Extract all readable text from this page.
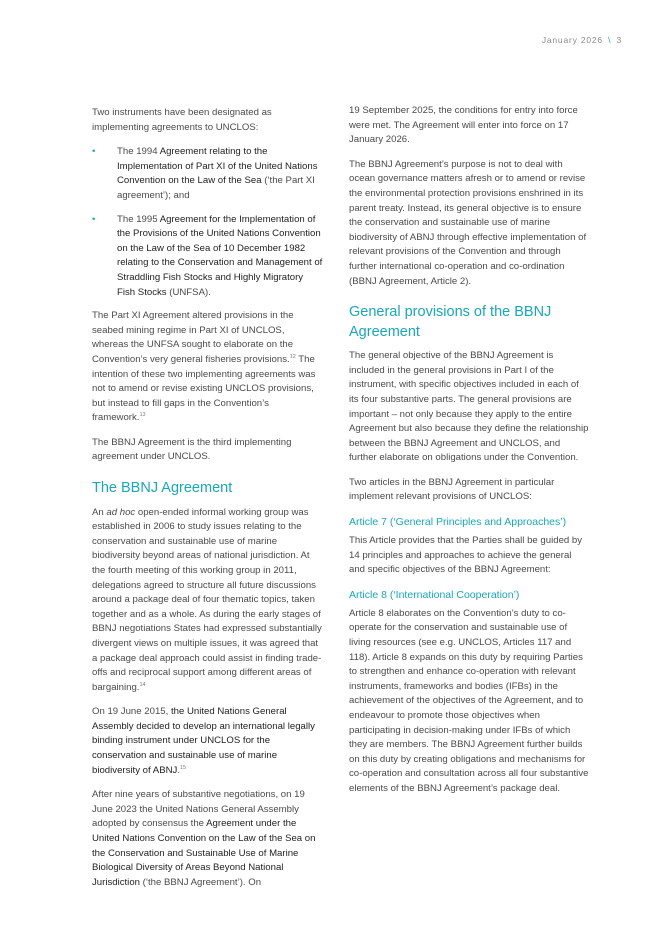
January 2026 \ 3

Two instruments have been designated as implementing agreements to UNCLOS:

• The 1994 Agreement relating to the Implementation of Part XI of the United Nations Convention on the Law of the Sea (‘the Part XI agreement’); and
• The 1995 Agreement for the Implementation of the Provisions of the United Nations Convention on the Law of the Sea of 10 December 1982 relating to the Conservation and Management of Straddling Fish Stocks and Highly Migratory Fish Stocks (UNFSA).

The Part XI Agreement altered provisions in the seabed mining regime in Part XI of UNCLOS, whereas the UNFSA sought to elaborate on the Convention’s very general fisheries provisions.$^{12}$ The intention of these two implementing agreements was not to amend or revise existing UNCLOS provisions, but instead to fill gaps in the Convention’s framework.$^{13}$

The BBNJ Agreement is the third implementing agreement under UNCLOS.

The BBNJ Agreement

An ad hoc open-ended informal working group was established in 2006 to study issues relating to the conservation and sustainable use of marine biodiversity beyond areas of national jurisdiction. At the fourth meeting of this working group in 2011, delegations agreed to structure all future discussions around a package deal of four thematic topics, taken together and as a whole. As during the early stages of BBNJ negotiations States had expressed substantially divergent views on multiple issues, it was agreed that a package deal approach could assist in finding trade-offs and reciprocal support among different areas of bargaining.$^{14}$

On 19 June 2015, the United Nations General Assembly decided to develop an international legally binding instrument under UNCLOS for the conservation and sustainable use of marine biodiversity of ABNJ.$^{15}$

After nine years of substantive negotiations, on 19 June 2023 the United Nations General Assembly adopted by consensus the Agreement under the United Nations Convention on the Law of the Sea on the Conservation and Sustainable Use of Marine Biological Diversity of Areas Beyond National Jurisdiction (‘the BBNJ Agreement’). On

19 September 2025, the conditions for entry into force were met. The Agreement will enter into force on 17 January 2026.

The BBNJ Agreement’s purpose is not to deal with ocean governance matters afresh or to amend or revise the environmental protection provisions enshrined in its parent treaty. Instead, its general objective is to ensure the conservation and sustainable use of marine biodiversity of ABNJ through effective implementation of relevant provisions of the Convention and through further international co-operation and co-ordination (BBNJ Agreement, Article 2).

General provisions of the BBNJ Agreement

The general objective of the BBNJ Agreement is included in the general provisions in Part I of the instrument, with specific objectives included in each of its four substantive parts. The general provisions are important – not only because they apply to the entire Agreement but also because they define the relationship between the BBNJ Agreement and UNCLOS, and further elaborate on obligations under the Convention.

Two articles in the BBNJ Agreement in particular implement relevant provisions of UNCLOS:

Article 7 (‘General Principles and Approaches’)

This Article provides that the Parties shall be guided by 14 principles and approaches to achieve the general and specific objectives of the BBNJ Agreement:

Article 8 (‘International Cooperation’)

Article 8 elaborates on the Convention’s duty to co-operate for the conservation and sustainable use of living resources (see e.g. UNCLOS, Articles 117 and 118). Article 8 expands on this duty by requiring Parties to strengthen and enhance co-operation with relevant instruments, frameworks and bodies (IFBs) in the achievement of the objectives of the Agreement, and to endeavour to promote those objectives when participating in decision-making under IFBs of which they are members. The BBNJ Agreement further builds on this duty by creating obligations and mechanisms for co-operation and consultation across all four substantive elements of the BBNJ Agreement’s package deal.
